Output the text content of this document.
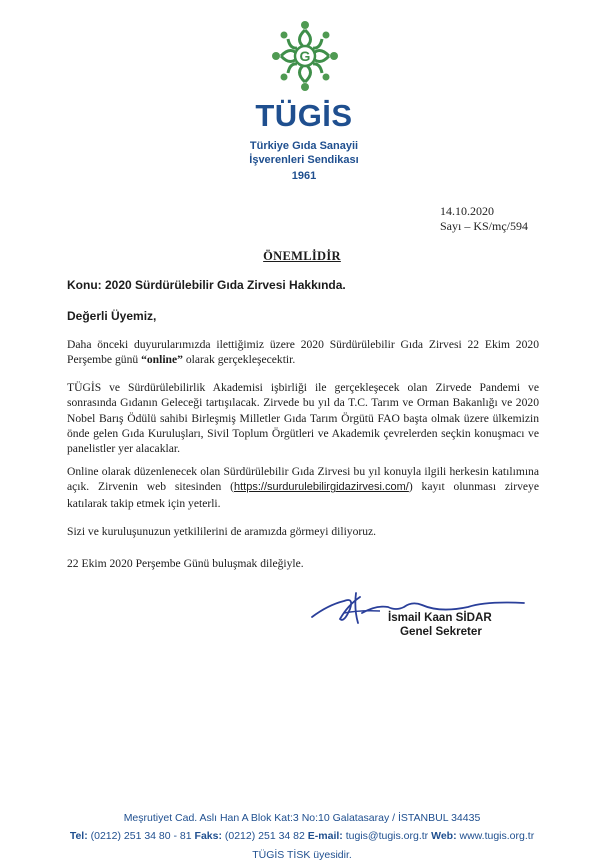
G
TÜGİS
Türkiye Gıda Sanayii
İşverenleri Sendikası
1961
14.10.2020
Sayı – KS/mç/594
ÖNEMLİDİR
Konu: 2020 Sürdürülebilir Gıda Zirvesi Hakkında.
Değerli Üyemiz,
Daha önceki duyurularımızda ilettiğimiz üzere 2020 Sürdürülebilir Gıda Zirvesi 22 Ekim 2020 Perşembe günü “online” olarak gerçekleşecektir.
TÜGİS ve Sürdürülebilirlik Akademisi işbirliği ile gerçekleşecek olan Zirvede Pandemi ve sonrasında Gıdanın Geleceği tartışılacak. Zirvede bu yıl da T.C. Tarım ve Orman Bakanlığı ve 2020 Nobel Barış Ödülü sahibi Birleşmiş Milletler Gıda Tarım Örgütü FAO başta olmak üzere ülkemizin önde gelen Gıda Kuruluşları, Sivil Toplum Örgütleri ve Akademik çevrelerden seçkin konuşmacı ve panelistler yer alacaklar.
Online olarak düzenlenecek olan Sürdürülebilir Gıda Zirvesi bu yıl konuyla ilgili herkesin katılımına açık. Zirvenin web sitesinden (https://surdurulebilirgidazirvesi.com/) kayıt olunması zirveye katılarak takip etmek için yeterli.
Sizi ve kuruluşunuzun yetkililerini de aramızda görmeyi diliyoruz.
22 Ekim 2020 Perşembe Günü buluşmak dileğiyle.
İsmail Kaan SİDAR
Genel Sekreter
Meşrutiyet Cad. Aslı Han A Blok Kat:3 No:10 Galatasaray / İSTANBUL 34435
Tel: (0212) 251 34 80 - 81 Faks: (0212) 251 34 82 E-mail: tugis@tugis.org.tr Web: www.tugis.org.tr
TÜGİS TİSK üyesidir.
